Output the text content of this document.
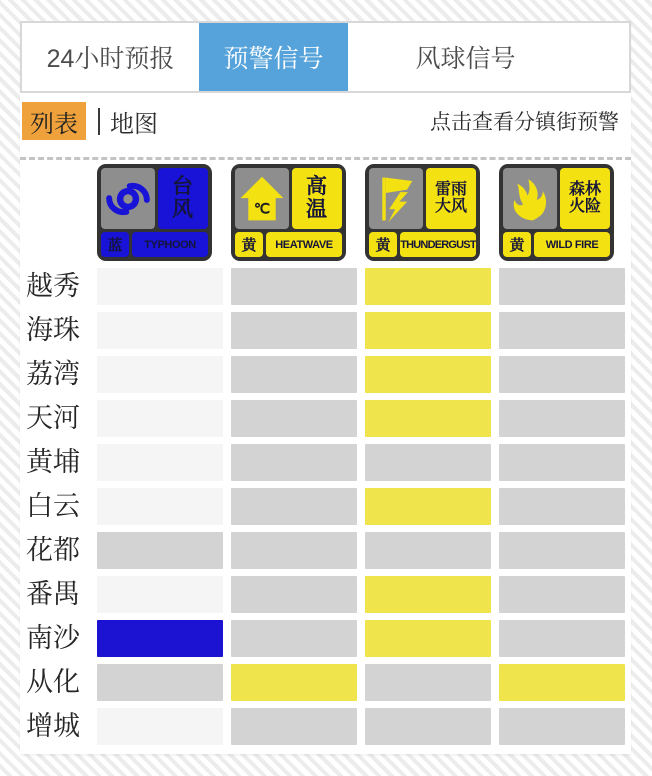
24小时预报	预警信号	风球信号
列表	地图	点击查看分镇街预警
台
风
蓝	TYPHOON
高
温
黄	HEATWAVE
雷雨
大风
黄 THUNDERGUST
森林
火险
黄	WILD FIRE
越秀
海珠
荔湾
天河
黄埔
白云
花都
番禺
南沙
从化
增城
